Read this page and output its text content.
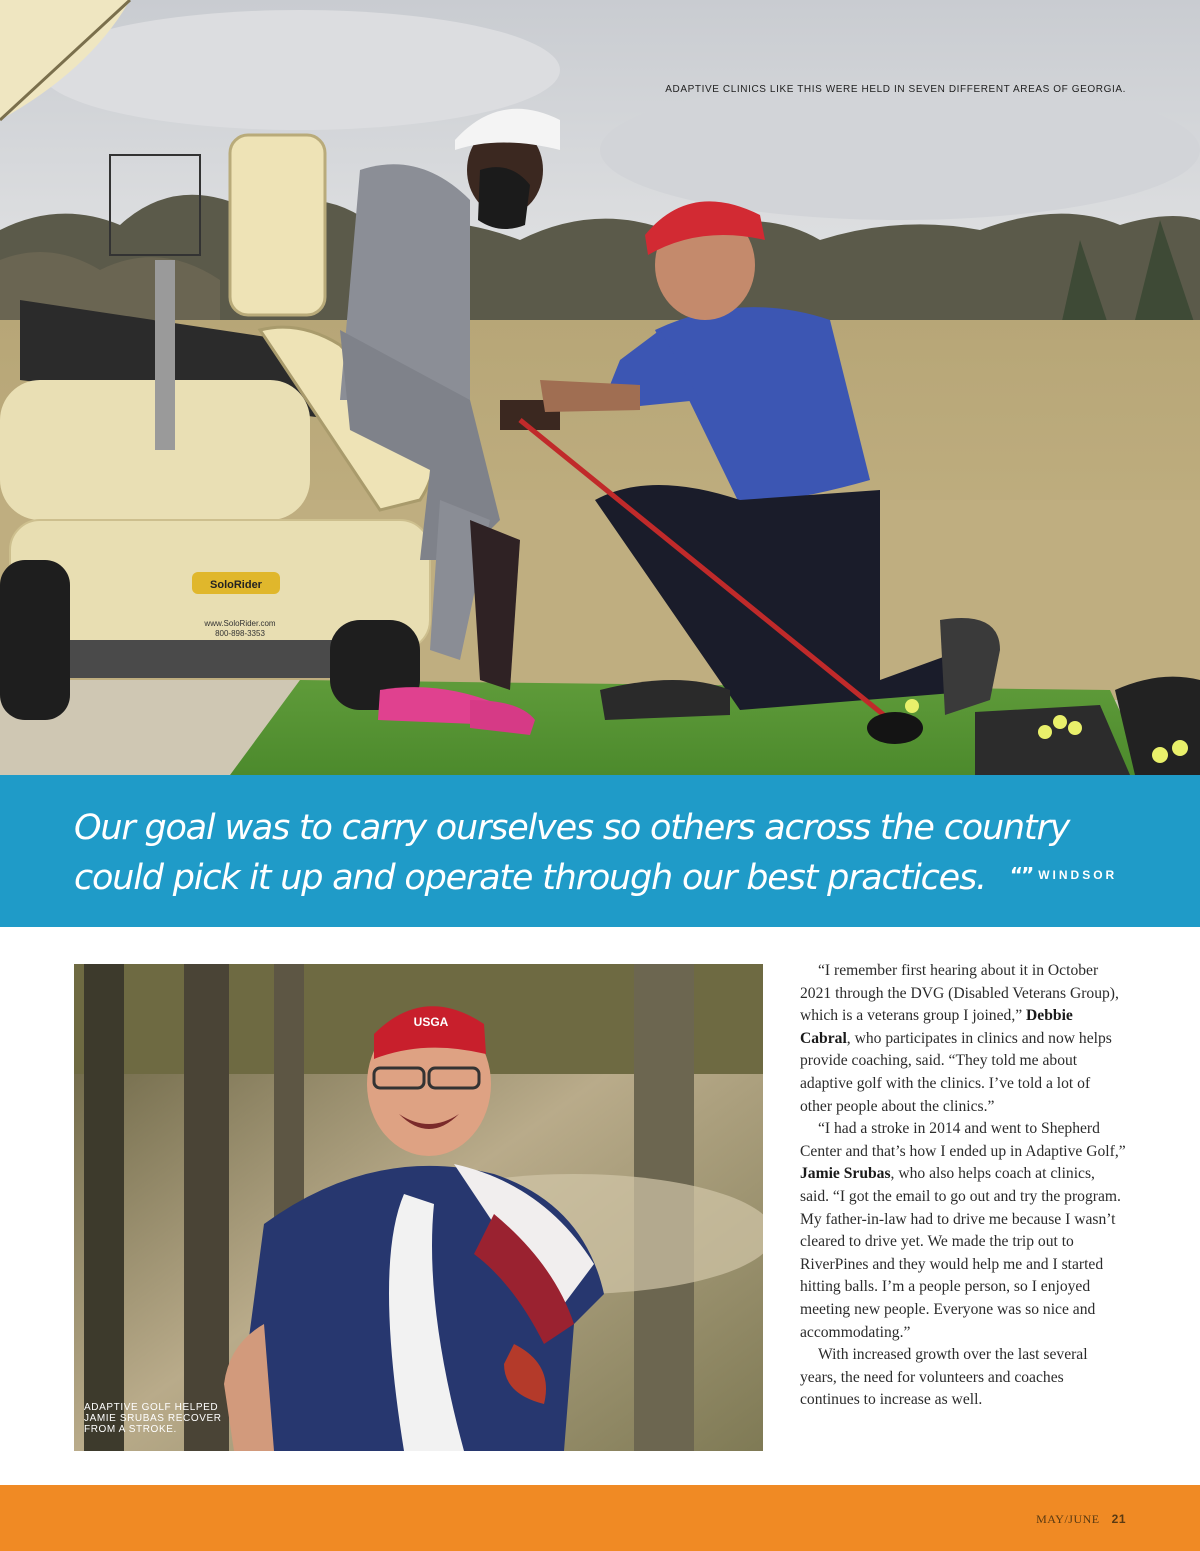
SoloRider
www.SoloRider.com
800-898-3353
ADAPTIVE CLINICS LIKE THIS WERE HELD IN SEVEN DIFFERENT AREAS OF GEORGIA.

Our goal was to carry ourselves so others across the country could pick it up and operate through our best practices. “” WINDSOR

USGA
ADAPTIVE GOLF HELPED JAMIE SRUBAS RECOVER FROM A STROKE.

“I remember first hearing about it in October 2021 through the DVG (Disabled Veterans Group), which is a veterans group I joined,” Debbie Cabral, who participates in clinics and now helps provide coaching, said. “They told me about adaptive golf with the clinics. I’ve told a lot of other people about the clinics.”

“I had a stroke in 2014 and went to Shepherd Center and that’s how I ended up in Adaptive Golf,” Jamie Srubas, who also helps coach at clinics, said. “I got the email to go out and try the program. My father-in-law had to drive me because I wasn’t cleared to drive yet. We made the trip out to RiverPines and they would help me and I started hitting balls. I’m a people person, so I enjoyed meeting new people. Everyone was so nice and accommodating.”

With increased growth over the last several years, the need for volunteers and coaches continues to increase as well.

MAY/JUNE 21
